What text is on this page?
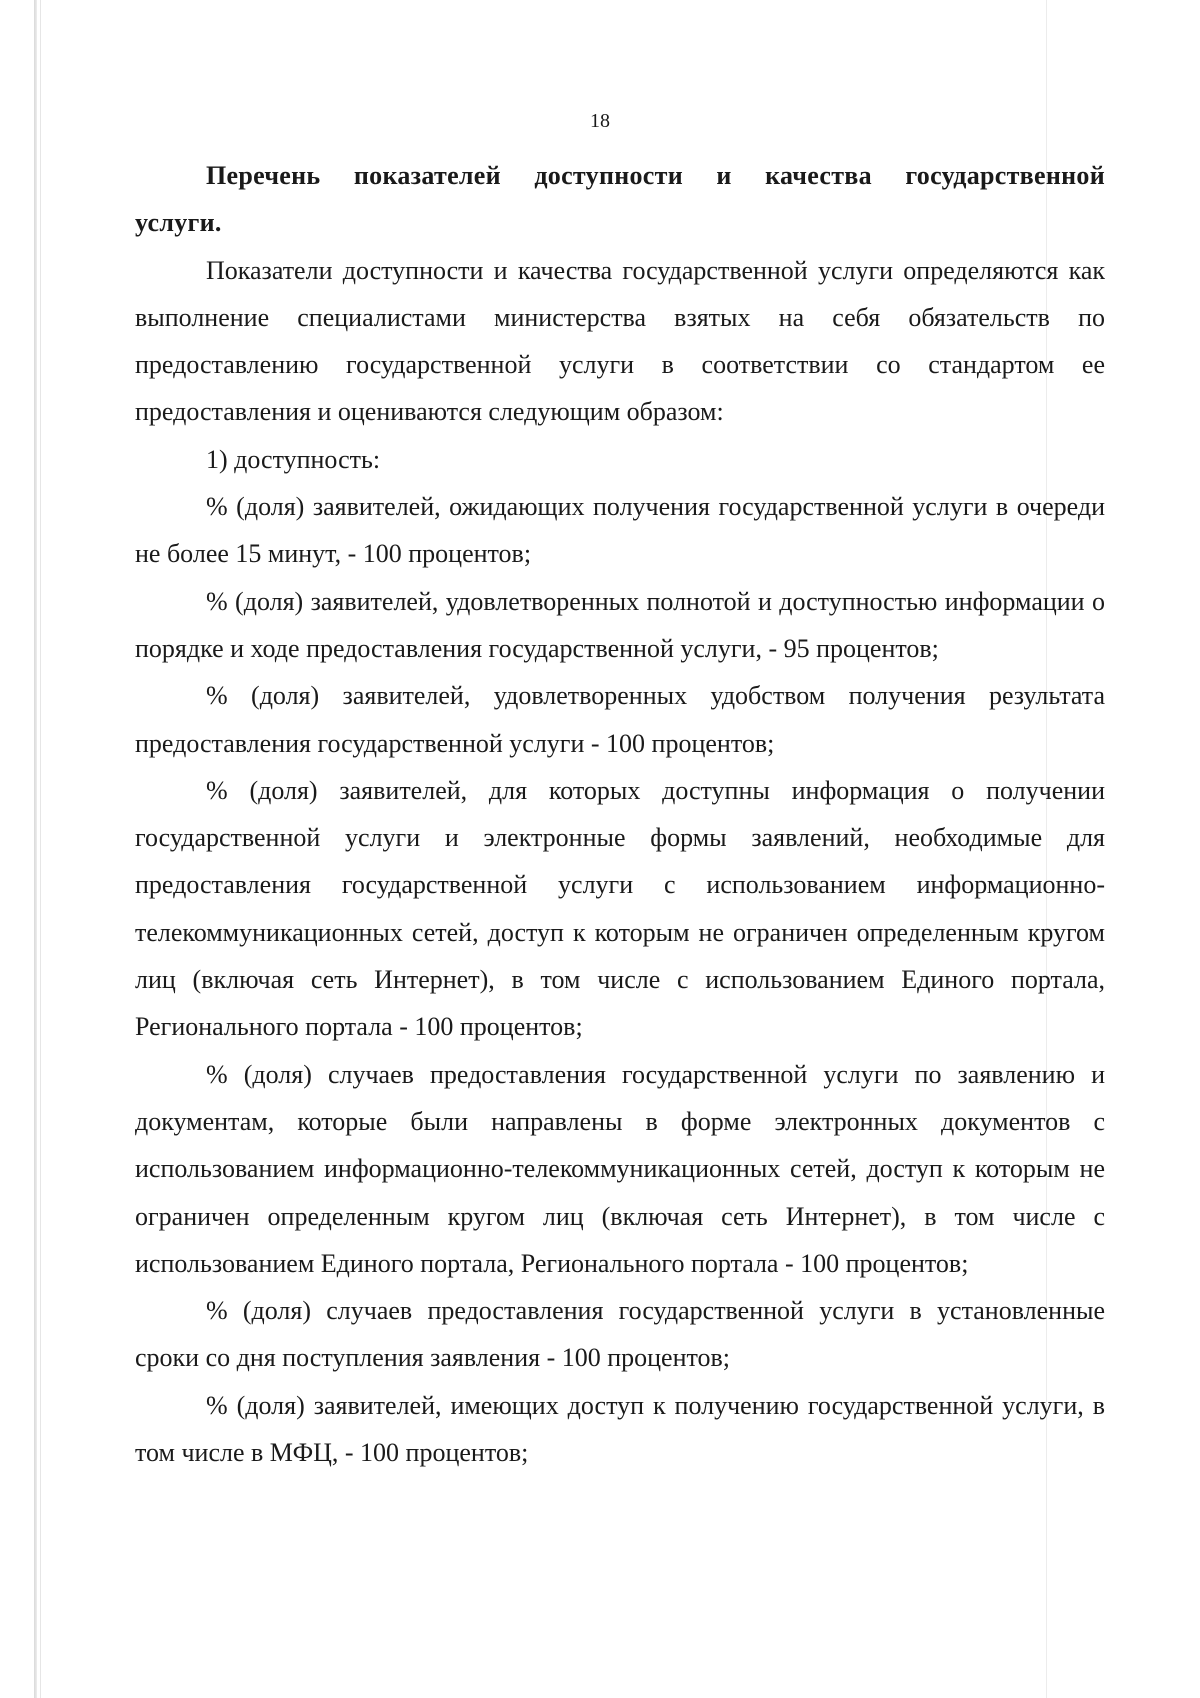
18

Перечень показателей доступности и качества государственной услуги.

Показатели доступности и качества государственной услуги определяются как выполнение специалистами министерства взятых на себя обязательств по предоставлению государственной услуги в соответствии со стандартом ее предоставления и оцениваются следующим образом:

1) доступность:

% (доля) заявителей, ожидающих получения государственной услуги в очереди не более 15 минут, - 100 процентов;

% (доля) заявителей, удовлетворенных полнотой и доступностью информации о порядке и ходе предоставления государственной услуги, - 95 процентов;

% (доля) заявителей, удовлетворенных удобством получения результата предоставления государственной услуги - 100 процентов;

% (доля) заявителей, для которых доступны информация о получении государственной услуги и электронные формы заявлений, необходимые для предоставления государственной услуги с использованием информационно-телекоммуникационных сетей, доступ к которым не ограничен определенным кругом лиц (включая сеть Интернет), в том числе с использованием Единого портала, Регионального портала - 100 процентов;

% (доля) случаев предоставления государственной услуги по заявлению и документам, которые были направлены в форме электронных документов с использованием информационно-телекоммуникационных сетей, доступ к которым не ограничен определенным кругом лиц (включая сеть Интернет), в том числе с использованием Единого портала, Регионального портала - 100 процентов;

% (доля) случаев предоставления государственной услуги в установленные сроки со дня поступления заявления - 100 процентов;

% (доля) заявителей, имеющих доступ к получению государственной услуги, в том числе в МФЦ, - 100 процентов;
